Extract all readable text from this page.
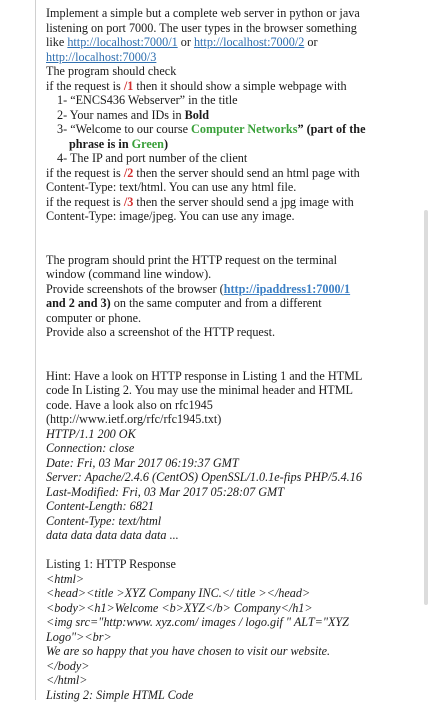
Implement a simple but a complete web server in python or java

listening on port 7000. The user types in the browser something

like http://localhost:7000/1 or http://localhost:7000/2 or

http://localhost:7000/3

The program should check

if the request is /1 then it should show a simple webpage with

1- “ENCS436 Webserver” in the title

2- Your names and IDs in Bold

3- “Welcome to our course Computer Networks” (part of the

phrase is in Green)

4- The IP and port number of the client

if the request is /2 then the server should send an html page with

Content-Type: text/html. You can use any html file.

if the request is /3 then the server should send a jpg image with

Content-Type: image/jpeg. You can use any image.

The program should print the HTTP request on the terminal

window (command line window).

Provide screenshots of the browser (http://ipaddress1:7000/1

and 2 and 3) on the same computer and from a different

computer or phone.

Provide also a screenshot of the HTTP request.

Hint: Have a look on HTTP response in Listing 1 and the HTML

code In Listing 2. You may use the minimal header and HTML

code. Have a look also on rfc1945

(http://www.ietf.org/rfc/rfc1945.txt)

HTTP/1.1 200 OK

Connection: close

Date: Fri, 03 Mar 2017 06:19:37 GMT

Server: Apache/2.4.6 (CentOS) OpenSSL/1.0.1e-fips PHP/5.4.16

Last-Modified: Fri, 03 Mar 2017 05:28:07 GMT

Content-Length: 6821

Content-Type: text/html

data data data data data ...

Listing 1: HTTP Response

<html>

<head><title >XYZ Company INC.</ title ></head>

<body><h1>Welcome <b>XYZ</b> Company</h1>

<img src="http:www. xyz.com/ images / logo.gif " ALT="XYZ

Logo"><br>

We are so happy that you have chosen to visit our website.

</body>

</html>

Listing 2: Simple HTML Code
